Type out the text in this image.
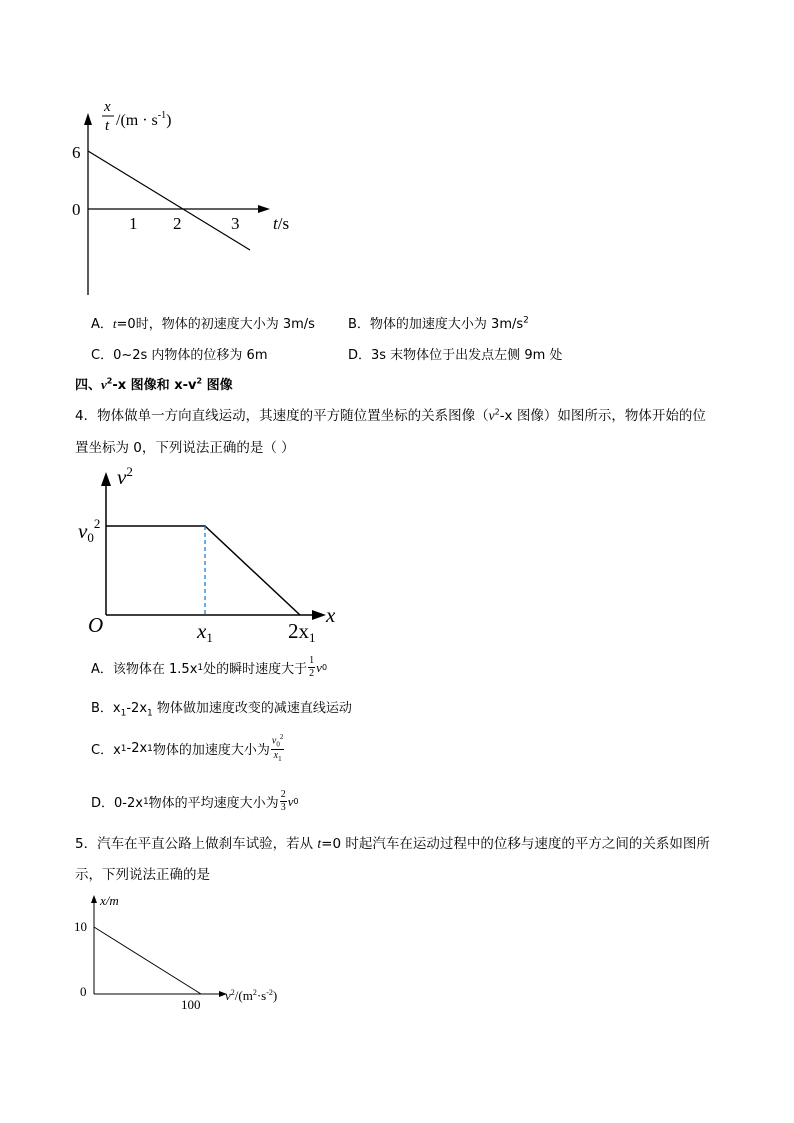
x
t $/(m \cdot s^{-1})$
6
0
1 2	3 t/s
A．t=0时，物体的初速度大小为 3m/s	B．物体的加速度大小为 $3m/s^2$
C．0~2s 内物体的位移为 6m	D．3s 末物体位于出发点左侧 9m 处
四、$v^2-x$ 图像和 $x-v^2$ 图像
4．物体做单一方向直线运动，其速度的平方随位置坐标的关系图像（$v^2-x$ 图像）如图所示，物体开始的位
置坐标为 0，下列说法正确的是（ ）
$v^2$
$v0^2$
O	x1	2x1
x
A．该物体在 1.5x 1 处的瞬时速度大于 $\frac{1}{2}$ v 0
B．$x_1-2x_1$ 物体做加速度改变的减速直线运动
C．x 1 -2x 1 物体的加速度大小为 $\frac{v_0^2}{x_1}$
D．0-2x 1 物体的平均速度大小为 $\frac{2}{3}$ v 0
5．汽车在平直公路上做刹车试验，若从 t=0 时起汽车在运动过程中的位移与速度的平方之间的关系如图所
示，下列说法正确的是
x/m
10
0
100
$v^2/(m^2\cdot s^{-2})$
